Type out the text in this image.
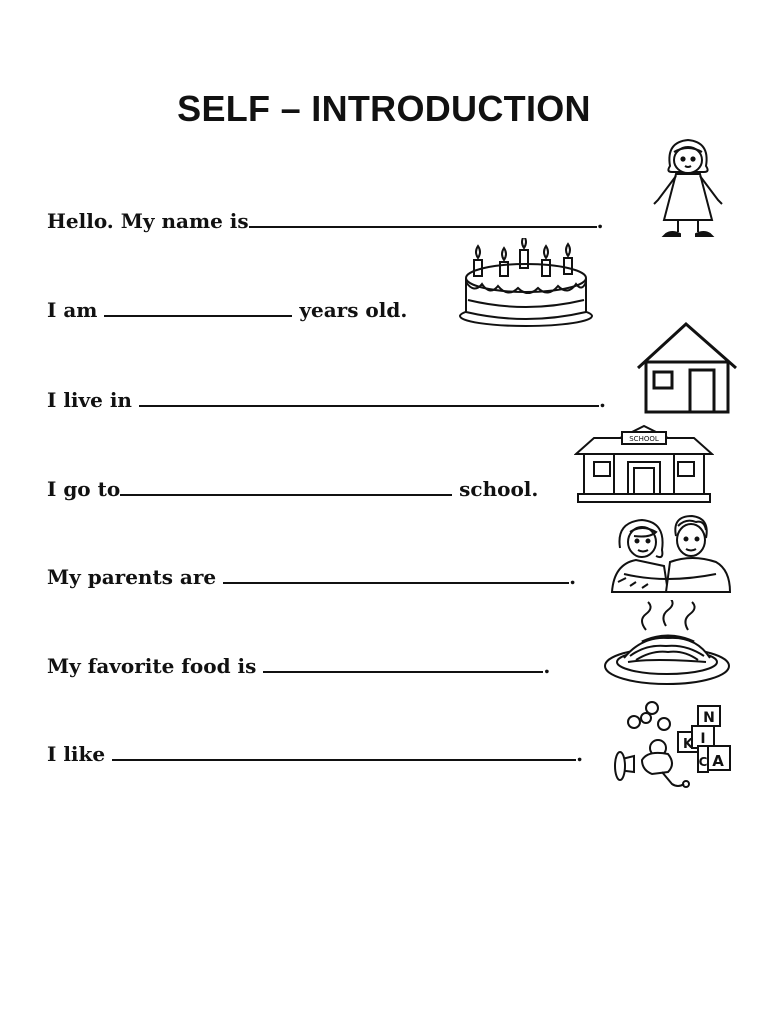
SELF – INTRODUCTION
Hello. My name is	.
I am	years old.
I live in	.
I go to	school.
My parents are	.
My favorite food is	.
I like	.
SCHOOL
N
K I
C A
